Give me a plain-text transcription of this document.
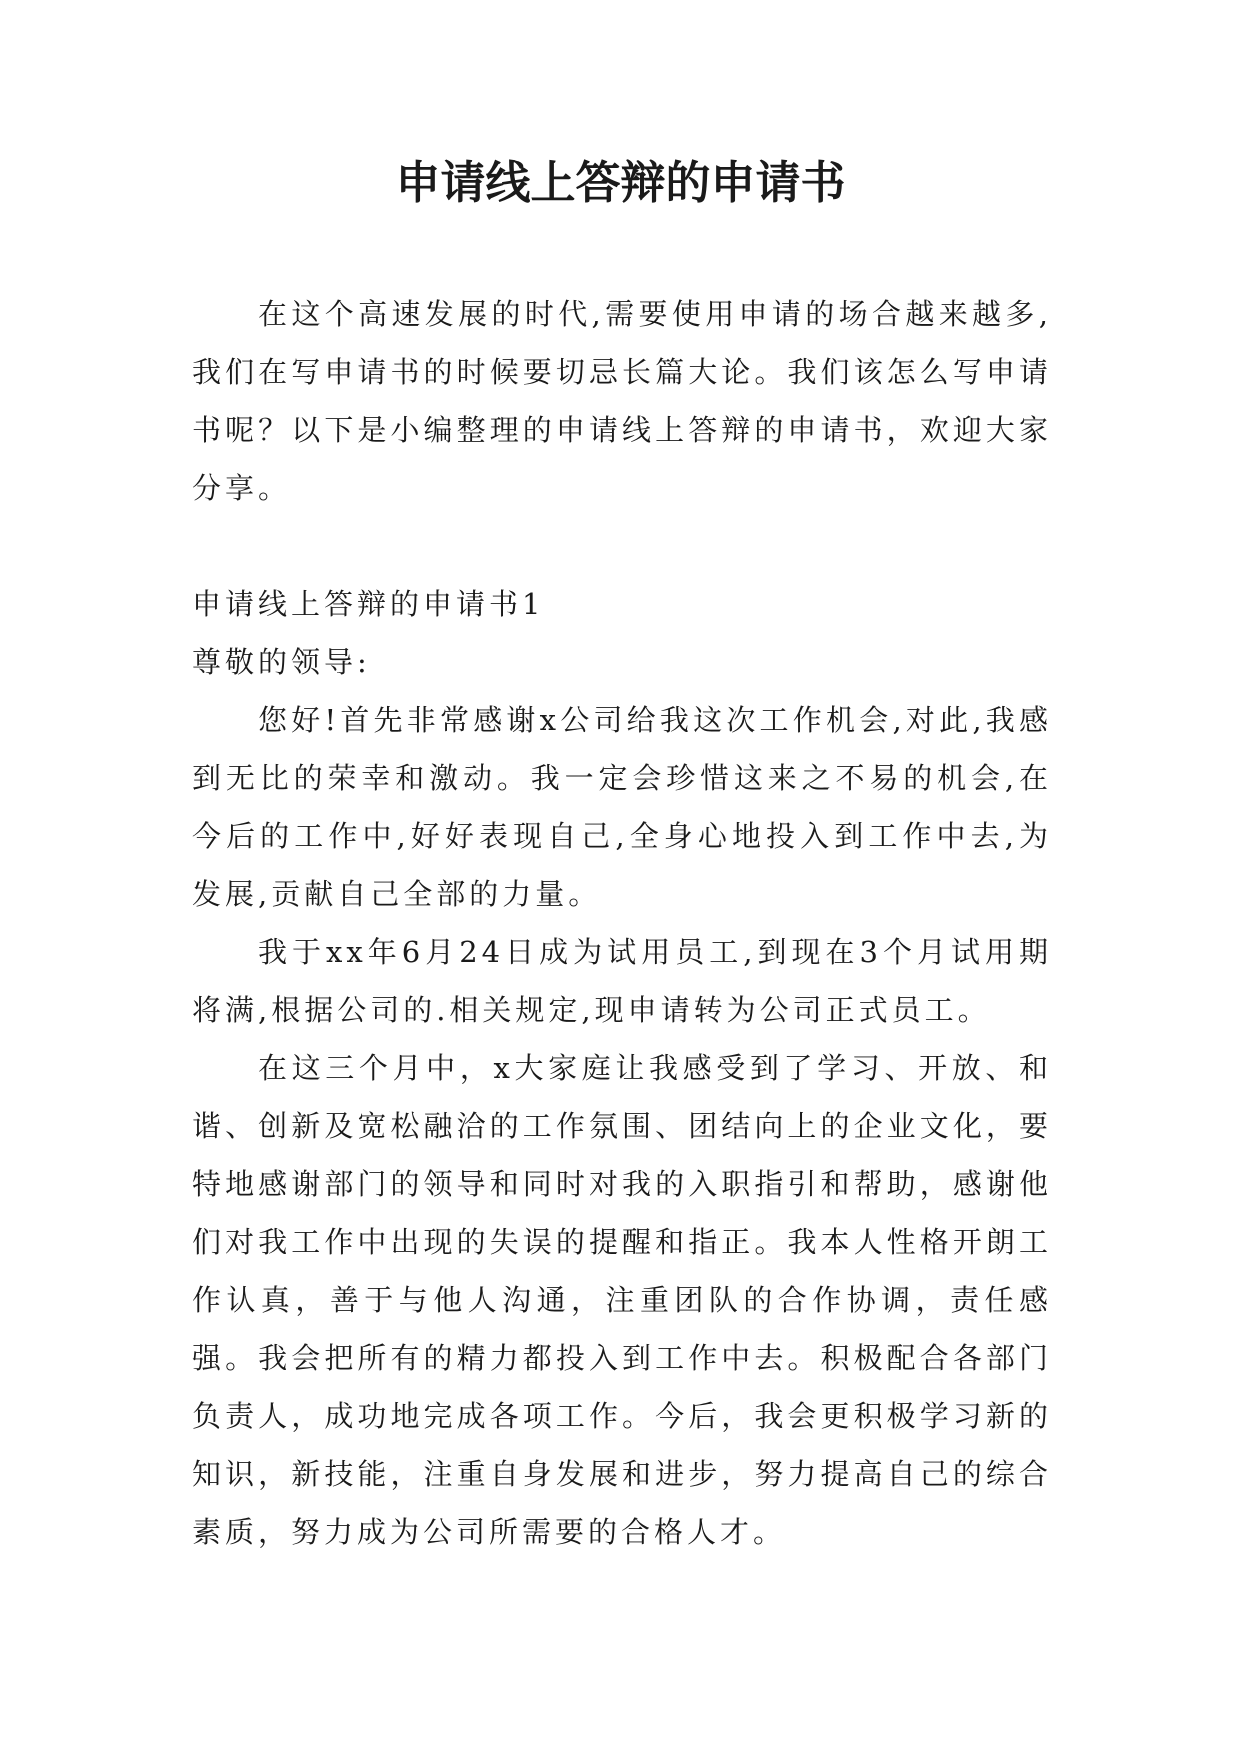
申请线上答辩的申请书

在这个高速发展的时代,需要使用申请的场合越来越多,我们在写申请书的时候要切忌长篇大论。我们该怎么写申请书呢？以下是小编整理的申请线上答辩的申请书，欢迎大家分享。

申请线上答辩的申请书1

尊敬的领导:

您好!首先非常感谢x公司给我这次工作机会,对此,我感到无比的荣幸和激动。我一定会珍惜这来之不易的机会,在今后的工作中,好好表现自己,全身心地投入到工作中去,为发展,贡献自己全部的力量。

我于xx年6月24日成为试用员工,到现在3个月试用期将满,根据公司的.相关规定,现申请转为公司正式员工。

在这三个月中，x大家庭让我感受到了学习、开放、和谐、创新及宽松融洽的工作氛围、团结向上的企业文化，要特地感谢部门的领导和同时对我的入职指引和帮助，感谢他们对我工作中出现的失误的提醒和指正。我本人性格开朗工作认真，善于与他人沟通，注重团队的合作协调，责任感强。我会把所有的精力都投入到工作中去。积极配合各部门负责人，成功地完成各项工作。今后，我会更积极学习新的知识，新技能，注重自身发展和进步，努力提高自己的综合素质，努力成为公司所需要的合格人才。
